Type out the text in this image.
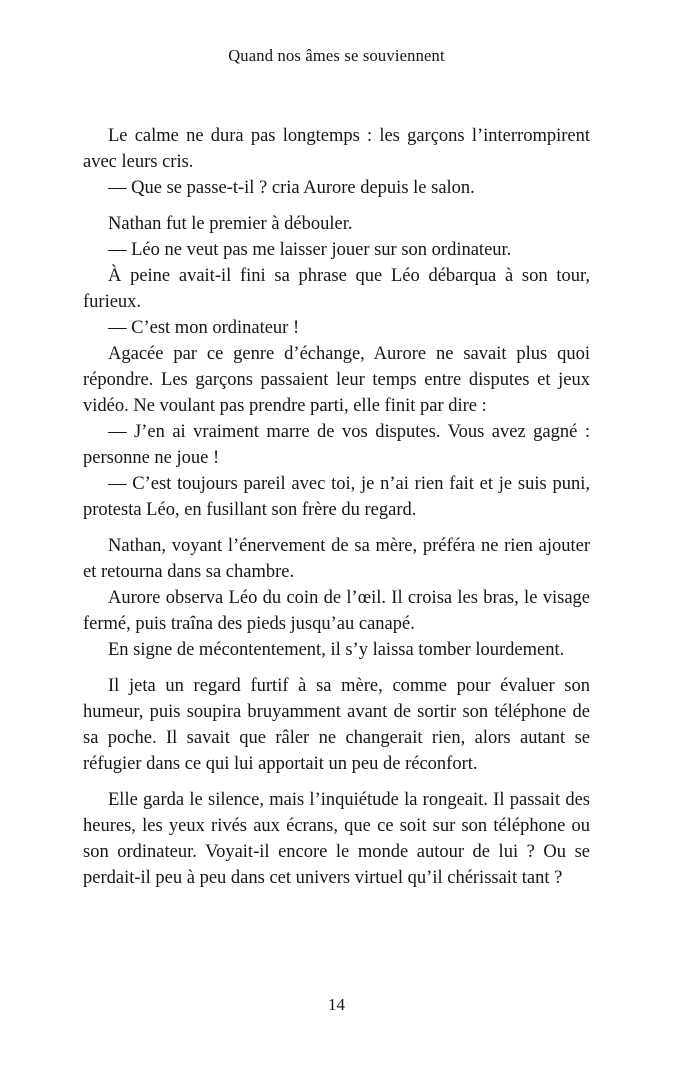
Quand nos âmes se souviennent

Le calme ne dura pas longtemps : les garçons l’interrompirent avec leurs cris.

— Que se passe-t-il ? cria Aurore depuis le salon.

Nathan fut le premier à débouler.

— Léo ne veut pas me laisser jouer sur son ordinateur.

À peine avait-il fini sa phrase que Léo débarqua à son tour, furieux.

— C’est mon ordinateur !

Agacée par ce genre d’échange, Aurore ne savait plus quoi répondre. Les garçons passaient leur temps entre disputes et jeux vidéo. Ne voulant pas prendre parti, elle finit par dire :

— J’en ai vraiment marre de vos disputes. Vous avez gagné : personne ne joue !

— C’est toujours pareil avec toi, je n’ai rien fait et je suis puni, protesta Léo, en fusillant son frère du regard.

Nathan, voyant l’énervement de sa mère, préféra ne rien ajouter et retourna dans sa chambre.

Aurore observa Léo du coin de l’œil. Il croisa les bras, le visage fermé, puis traîna des pieds jusqu’au canapé.

En signe de mécontentement, il s’y laissa tomber lourdement.

Il jeta un regard furtif à sa mère, comme pour évaluer son humeur, puis soupira bruyamment avant de sortir son téléphone de sa poche. Il savait que râler ne changerait rien, alors autant se réfugier dans ce qui lui apportait un peu de réconfort.

Elle garda le silence, mais l’inquiétude la rongeait. Il passait des heures, les yeux rivés aux écrans, que ce soit sur son téléphone ou son ordinateur. Voyait-il encore le monde autour de lui ? Ou se perdait-il peu à peu dans cet univers virtuel qu’il chérissait tant ?

14
